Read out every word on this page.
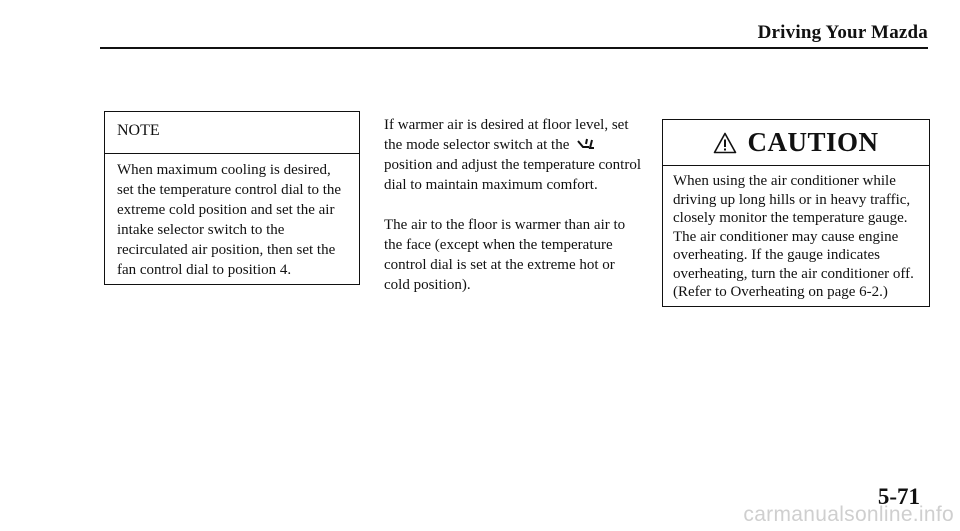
Driving Your Mazda
NOTE
When maximum cooling is desired, set the temperature control dial to the extreme cold position and set the air intake selector switch to the recirculated air position, then set the fan control dial to position 4.

If warmer air is desired at floor level, set the mode selector switch at the  position and adjust the temperature control dial to maintain maximum comfort.

The air to the floor is warmer than air to the face (except when the temperature control dial is set at the extreme hot or cold position).

CAUTION
When using the air conditioner while driving up long hills or in heavy traffic, closely monitor the temperature gauge.
The air conditioner may cause engine overheating. If the gauge indicates overheating, turn the air conditioner off. (Refer to Overheating on page 6-2.)
5-71
carmanualsonline.info
